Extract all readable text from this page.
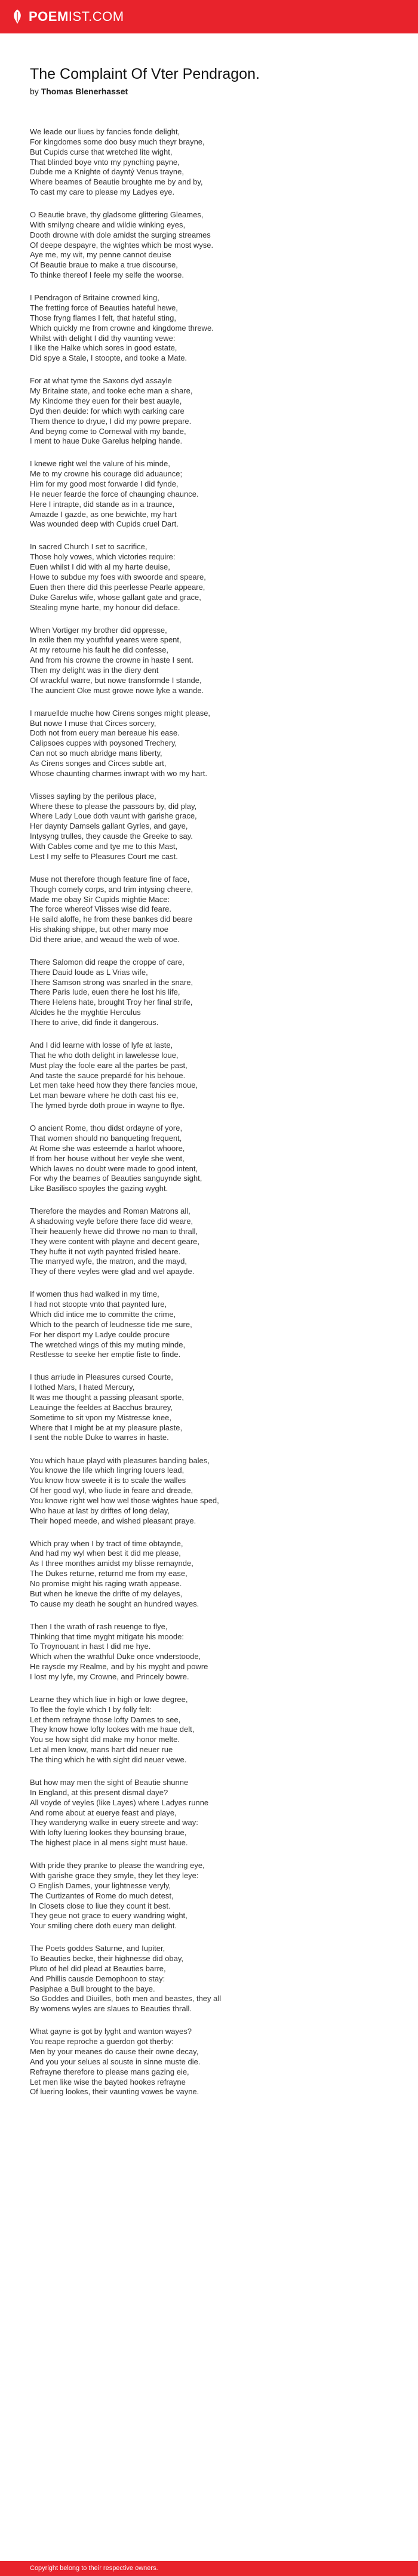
POEMIST.COM
The Complaint Of Vter Pendragon.
by Thomas Blenerhasset
We leade our liues by fancies fonde delight,
For kingdomes some doo busy much theyr brayne,
But Cupids curse that wretched lite wight,
That blinded boye vnto my pynching payne,
Dubde me a Knighte of dayntý Venus trayne,
Where beames of Beautie broughte me by and by,
To cast my care to please my Ladyes eye.
O Beautie brave, thy gladsome glittering Gleames,
With smilyng cheare and wildie winking eyes,
Dooth drowne with dole amidst the surging streames
Of deepe despayre, the wightes which be most wyse.
Aye me, my wit, my penne cannot deuise
Of Beautie braue to make a true discourse,
To thinke thereof I feele my selfe the woorse.
I Pendragon of Britaine crowned king,
The fretting force of Beauties hateful hewe,
Those fryng flames I felt, that hateful sting,
Which quickly me from crowne and kingdome threwe.
Whilst with delight I did thy vaunting vewe:
I like the Halke which sores in good estate,
Did spye a Stale, I stoopte, and tooke a Mate.
For at what tyme the Saxons dyd assayle
My Britaine state, and tooke eche man a share,
My Kindome they euen for their best auayle,
Dyd then deuide: for which wyth carking care
Them thence to dryue, I did my powre prepare.
And beyng come to Cornewal with my bande,
I ment to haue Duke Garelus helping hande.
I knewe right wel the valure of his minde,
Me to my crowne his courage did aduaunce;
Him for my good most forwarde I did fynde,
He neuer fearde the force of chaunging chaunce.
Here I intrapte, did stande as in a traunce,
Amazde I gazde, as one bewichte, my hart
Was wounded deep with Cupids cruel Dart.
In sacred Church I set to sacrifice,
Those holy vowes, which victories require:
Euen whilst I did with al my harte deuise,
Howe to subdue my foes with swoorde and speare,
Euen then there did this peerlesse Pearle appeare,
Duke Garelus wife, whose gallant gate and grace,
Stealing myne harte, my honour did deface.
When Vortiger my brother did oppresse,
In exile then my youthful yeares were spent,
At my retourne his fault he did confesse,
And from his crowne the crowne in haste I sent.
Then my delight was in the diery dent
Of wrackful warre, but nowe transformde I stande,
The auncient Oke must growe nowe lyke a wande.
I maruellde muche how Cirens songes might please,
But nowe I muse that Circes sorcery,
Doth not from euery man bereaue his ease.
Calipsoes cuppes with poysoned Trechery,
Can not so much abridge mans liberty,
As Cirens songes and Circes subtle art,
Whose chaunting charmes inwrapt with wo my hart.
Vlisses sayling by the perilous place,
Where these to please the passours by, did play,
Where Lady Loue doth vaunt with garishe grace,
Her daynty Damsels gallant Gyrles, and gaye,
Intysyng trulles, they causde the Greeke to say.
With Cables come and tye me to this Mast,
Lest I my selfe to Pleasures Court me cast.
Muse not therefore though feature fine of face,
Though comely corps, and trim intysing cheere,
Made me obay Sir Cupids mightie Mace:
The force whereof Vlisses wise did feare.
He saild aloffe, he from these bankes did beare
His shaking shippe, but other many moe
Did there ariue, and weaud the web of woe.
There Salomon did reape the croppe of care,
There Dauid loude as L Vrias wife,
There Samson strong was snarled in the snare,
There Paris Iude, euen there he lost his life,
There Helens hate, brought Troy her final strife,
Alcides he the myghtie Herculus
There to arive, did finde it dangerous.
And I did learne with losse of lyfe at laste,
That he who doth delight in lawelesse loue,
Must play the foole eare al the partes be past,
And taste the sauce prepardé for his behoue.
Let men take heed how they there fancies moue,
Let man beware where he doth cast his ee,
The lymed byrde doth proue in wayne to flye.
O ancient Rome, thou didst ordayne of yore,
That women should no banqueting frequent,
At Rome she was esteemde a harlot whoore,
If from her house without her veyle she went,
Which lawes no doubt were made to good intent,
For why the beames of Beauties sanguynde sight,
Like Basilisco spoyles the gazing wyght.
Therefore the maydes and Roman Matrons all,
A shadowing veyle before there face did weare,
Their heauenly hewe did throwe no man to thrall,
They were content with playne and decent geare,
They hufte it not wyth paynted frisled heare.
The marryed wyfe, the matron, and the mayd,
They of there veyles were glad and wel apayde.
If women thus had walked in my time,
I had not stoopte vnto that paynted lure,
Which did intice me to committe the crime,
Which to the pearch of leudnesse tide me sure,
For her disport my Ladye coulde procure
The wretched wings of this my muting minde,
Restlesse to seeke her emptie fiste to finde.
I thus arriude in Pleasures cursed Courte,
I lothed Mars, I hated Mercury,
It was me thought a passing pleasant sporte,
Leauinge the feeldes at Bacchus braurey,
Sometime to sit vpon my Mistresse knee,
Where that I might be at my pleasure plaste,
I sent the noble Duke to warres in haste.
You which haue playd with pleasures banding bales,
You knowe the life which lingring louers lead,
You know how sweete it is to scale the walles
Of her good wyl, who liude in feare and dreade,
You knowe right wel how wel those wightes haue sped,
Who haue at last by driftes of long delay,
Their hoped meede, and wished pleasant praye.
Which pray when I by tract of time obtaynde,
And had my wyl when best it did me please,
As I three monthes amidst my blisse remaynde,
The Dukes returne, returnd me from my ease,
No promise might his raging wrath appease.
But when he knewe the drifte of my delayes,
To cause my death he sought an hundred wayes.
Then I the wrath of rash reuenge to flye,
Thinking that time myght mitigate his moode:
To Troynouant in hast I did me hye.
Which when the wrathful Duke once vnderstoode,
He raysde my Realme, and by his myght and powre
I lost my lyfe, my Crowne, and Princely bowre.
Learne they which liue in high or lowe degree,
To flee the foyle which I by folly felt:
Let them refrayne those lofty Dames to see,
They know howe lofty lookes with me haue delt,
You se how sight did make my honor melte.
Let al men know, mans hart did neuer rue
The thing which he with sight did neuer vewe.
But how may men the sight of Beautie shunne
In England, at this present dismal daye?
All voyde of veyles (like Layes) where Ladyes runne
And rome about at euerye feast and playe,
They wanderyng walke in euery streete and way:
With lofty luering lookes they bounsing braue,
The highest place in al mens sight must haue.
With pride they pranke to please the wandring eye,
With garishe grace they smyle, they let they leye:
O English Dames, your lightnesse veryly,
The Curtizantes of Rome do much detest,
In Closets close to liue they count it best.
They geue not grace to euery wandring wight,
Your smiling chere doth euery man delight.
The Poets goddes Saturne, and Iupiter,
To Beauties becke, their highnesse did obay,
Pluto of hel did plead at Beauties barre,
And Phillis causde Demophoon to stay:
Pasiphae a Bull brought to the baye.
So Goddes and Diuilles, both men and beastes, they all
By womens wyles are slaues to Beauties thrall.
What gayne is got by lyght and wanton wayes?
You reape reproche a guerdon got therby:
Men by your meanes do cause their owne decay,
And you your selues al souste in sinne muste die.
Refrayne therefore to please mans gazing eie,
Let men like wise the bayted hookes refrayne
Of luering lookes, their vaunting vowes be vayne.
Copyright belong to their respective owners.
